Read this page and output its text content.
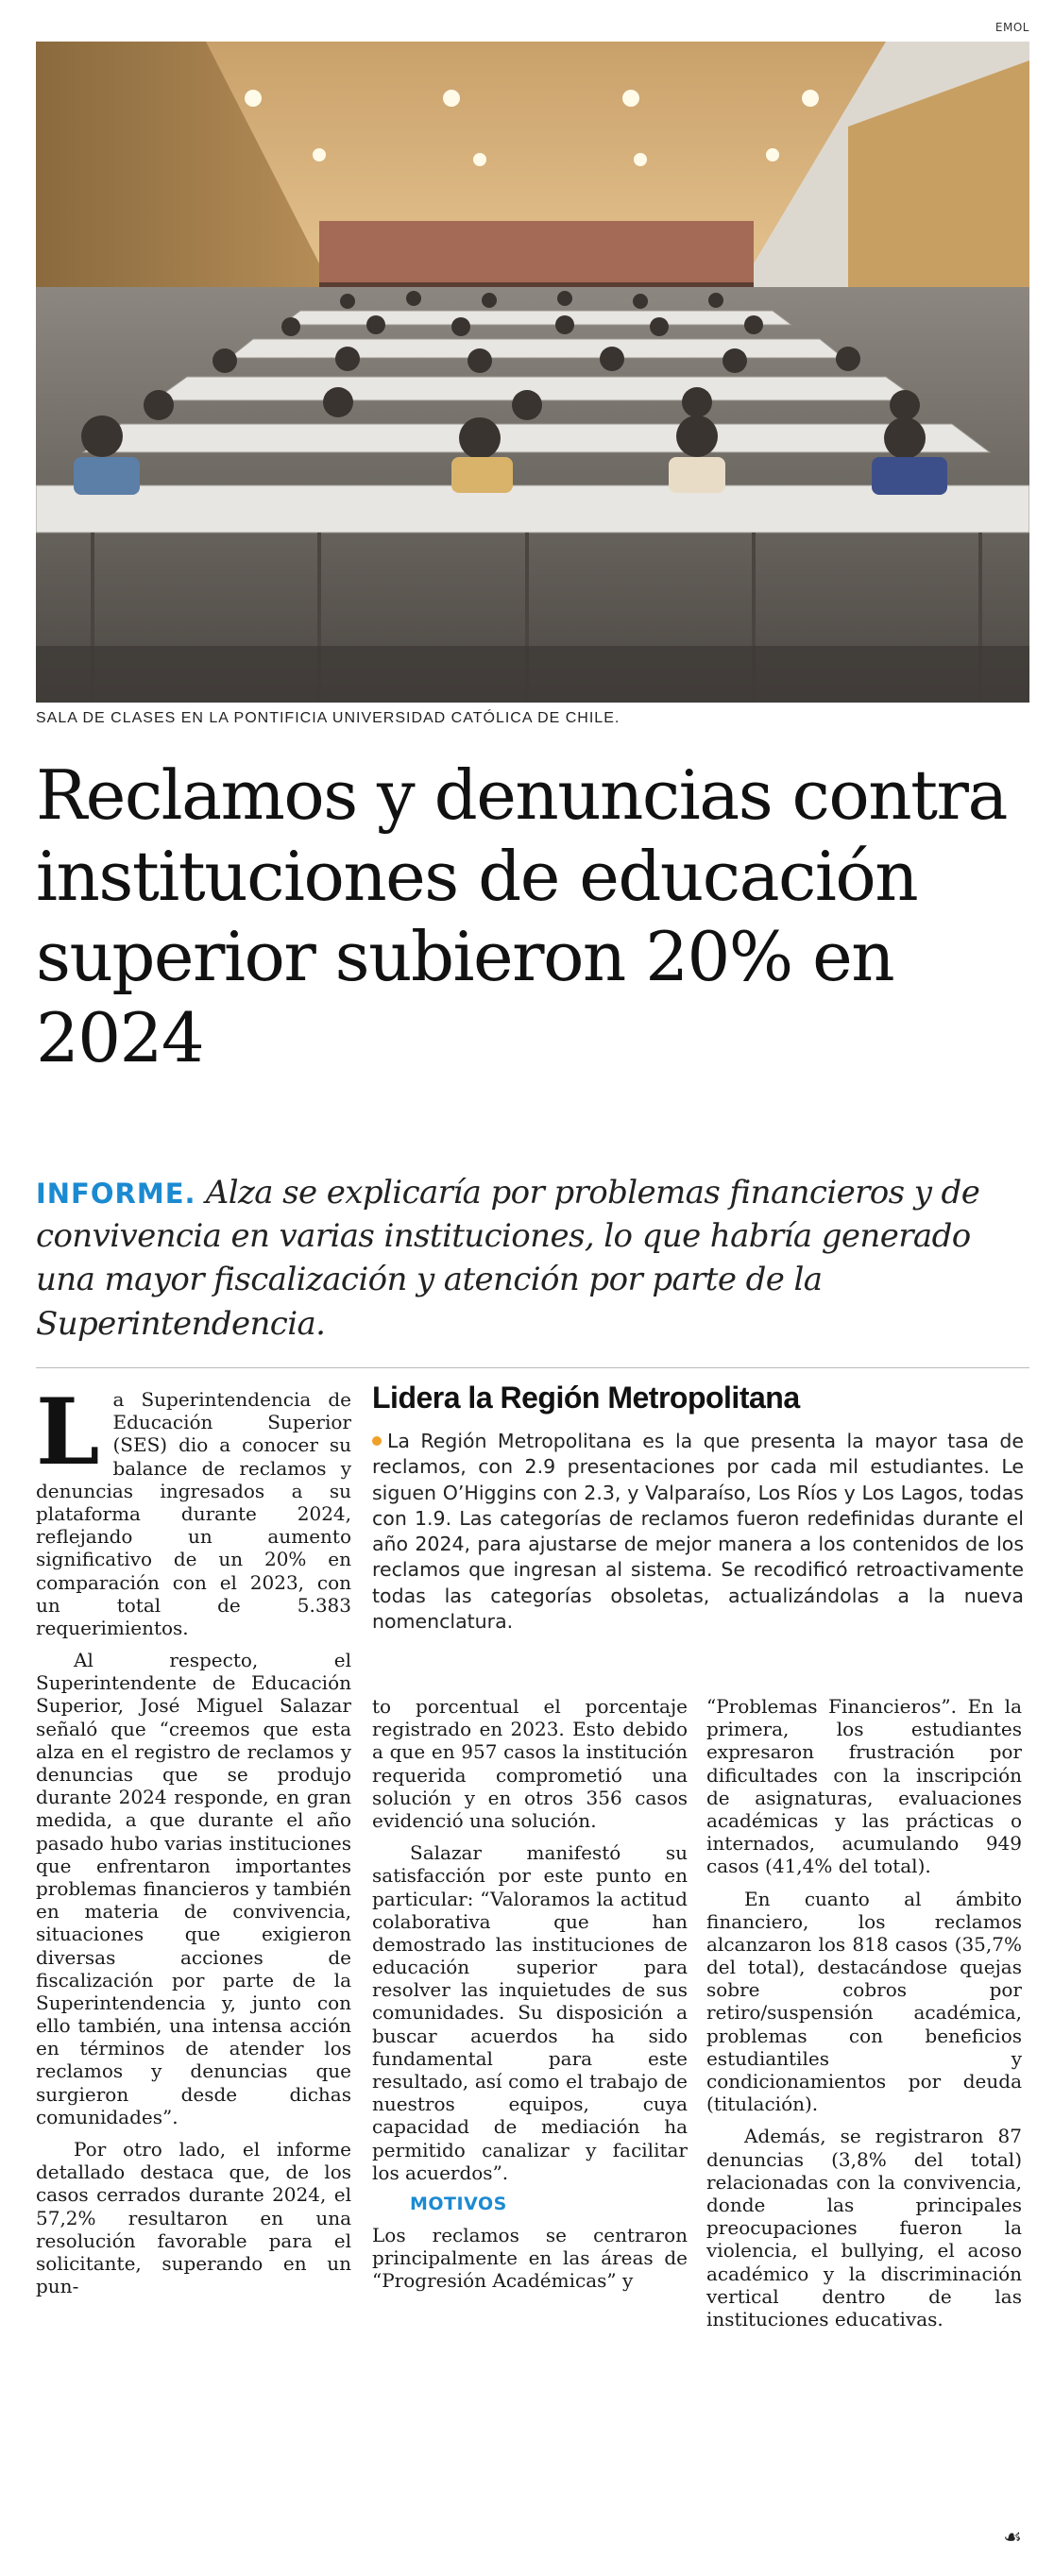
EMOL
SALA DE CLASES EN LA PONTIFICIA UNIVERSIDAD CATÓLICA DE CHILE.
Reclamos y denuncias contra instituciones de educación superior subieron 20% en 2024

INFORME. Alza se explicaría por problemas financieros y de convivencia en varias instituciones, lo que habría generado una mayor fiscalización y atención por parte de la Superintendencia.

La Superintendencia de Educación Superior (SES) dio a conocer su balance de reclamos y denuncias ingresados a su plataforma durante 2024, reflejando un aumento significativo de un 20% en comparación con el 2023, con un total de 5.383 requerimientos.

Al respecto, el Superintendente de Educación Superior, José Miguel Salazar señaló que “creemos que esta alza en el registro de reclamos y denuncias que se produjo durante 2024 responde, en gran medida, a que durante el año pasado hubo varias instituciones que enfrentaron importantes problemas financieros y también en materia de convivencia, situaciones que exigieron diversas acciones de fiscalización por parte de la Superintendencia y, junto con ello también, una intensa acción en términos de atender los reclamos y denuncias que surgieron desde dichas comunidades”.

Por otro lado, el informe detallado destaca que, de los casos cerrados durante 2024, el 57,2% resultaron en una resolución favorable para el solicitante, superando en un pun-

Lidera la Región Metropolitana

La Región Metropolitana es la que presenta la mayor tasa de reclamos, con 2.9 presentaciones por cada mil estudiantes. Le siguen O’Higgins con 2.3, y Valparaíso, Los Ríos y Los Lagos, todas con 1.9. Las categorías de reclamos fueron redefinidas durante el año 2024, para ajustarse de mejor manera a los contenidos de los reclamos que ingresan al sistema. Se recodificó retroactivamente todas las categorías obsoletas, actualizándolas a la nueva nomenclatura.

to porcentual el porcentaje registrado en 2023. Esto debido a que en 957 casos la institución requerida comprometió una solución y en otros 356 casos evidenció una solución.

Salazar manifestó su satisfacción por este punto en particular: “Valoramos la actitud colaborativa que han demostrado las instituciones de educación superior para resolver las inquietudes de sus comunidades. Su disposición a buscar acuerdos ha sido fundamental para este resultado, así como el trabajo de nuestros equipos, cuya capacidad de mediación ha permitido canalizar y facilitar los acuerdos”.

MOTIVOS

Los reclamos se centraron principalmente en las áreas de “Progresión Académicas” y

“Problemas Financieros”. En la primera, los estudiantes expresaron frustración por dificultades con la inscripción de asignaturas, evaluaciones académicas y las prácticas o internados, acumulando 949 casos (41,4% del total).

En cuanto al ámbito financiero, los reclamos alcanzaron los 818 casos (35,7% del total), destacándose quejas sobre cobros por retiro/suspensión académica, problemas con beneficios estudiantiles y condicionamientos por deuda (titulación).

Además, se registraron 87 denuncias (3,8% del total) relacionadas con la convivencia, donde las principales preocupaciones fueron la violencia, el bullying, el acoso académico y la discriminación vertical dentro de las instituciones educativas.

☙
